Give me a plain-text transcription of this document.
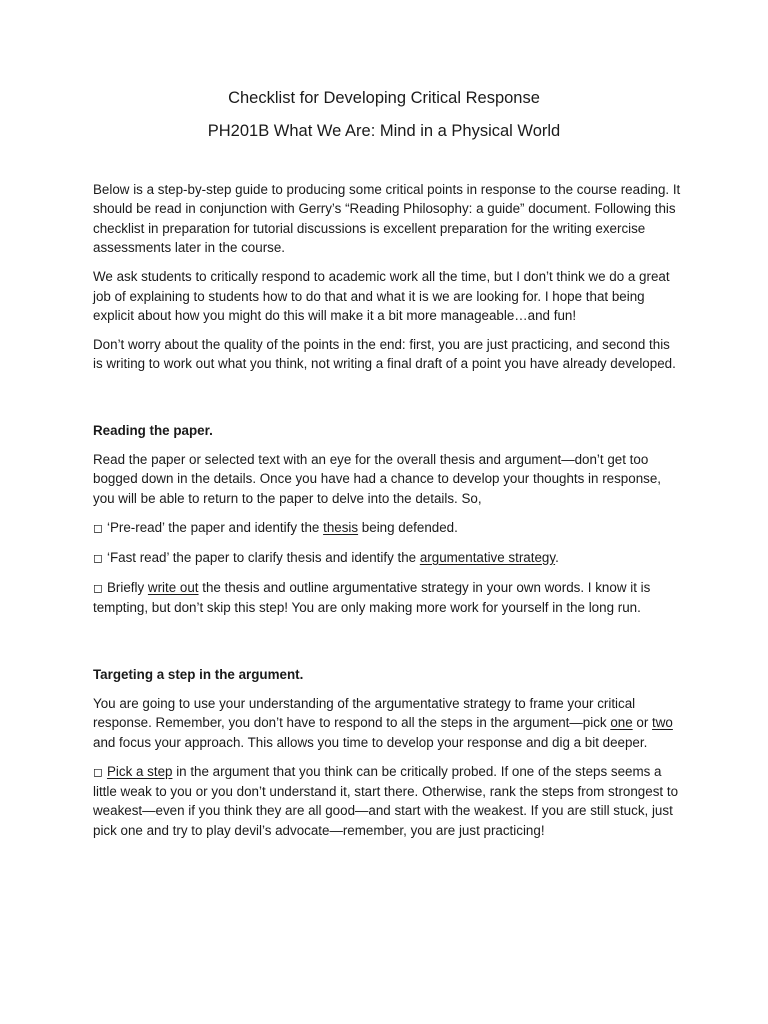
Checklist for Developing Critical Response
PH201B What We Are: Mind in a Physical World

Below is a step-by-step guide to producing some critical points in response to the course reading. It should be read in conjunction with Gerry’s “Reading Philosophy: a guide” document. Following this checklist in preparation for tutorial discussions is excellent preparation for the writing exercise assessments later in the course.

We ask students to critically respond to academic work all the time, but I don’t think we do a great job of explaining to students how to do that and what it is we are looking for. I hope that being explicit about how you might do this will make it a bit more manageable…and fun!

Don’t worry about the quality of the points in the end: first, you are just practicing, and second this is writing to work out what you think, not writing a final draft of a point you have already developed.

Reading the paper.

Read the paper or selected text with an eye for the overall thesis and argument—don’t get too bogged down in the details. Once you have had a chance to develop your thoughts in response, you will be able to return to the paper to delve into the details. So,

◻ ‘Pre-read’ the paper and identify the thesis being defended.

◻ ‘Fast read’ the paper to clarify thesis and identify the argumentative strategy.

◻ Briefly write out the thesis and outline argumentative strategy in your own words. I know it is tempting, but don’t skip this step! You are only making more work for yourself in the long run.

Targeting a step in the argument.

You are going to use your understanding of the argumentative strategy to frame your critical response. Remember, you don’t have to respond to all the steps in the argument—pick one or two and focus your approach. This allows you time to develop your response and dig a bit deeper.

◻ Pick a step in the argument that you think can be critically probed. If one of the steps seems a little weak to you or you don’t understand it, start there. Otherwise, rank the steps from strongest to weakest—even if you think they are all good—and start with the weakest. If you are still stuck, just pick one and try to play devil’s advocate—remember, you are just practicing!
